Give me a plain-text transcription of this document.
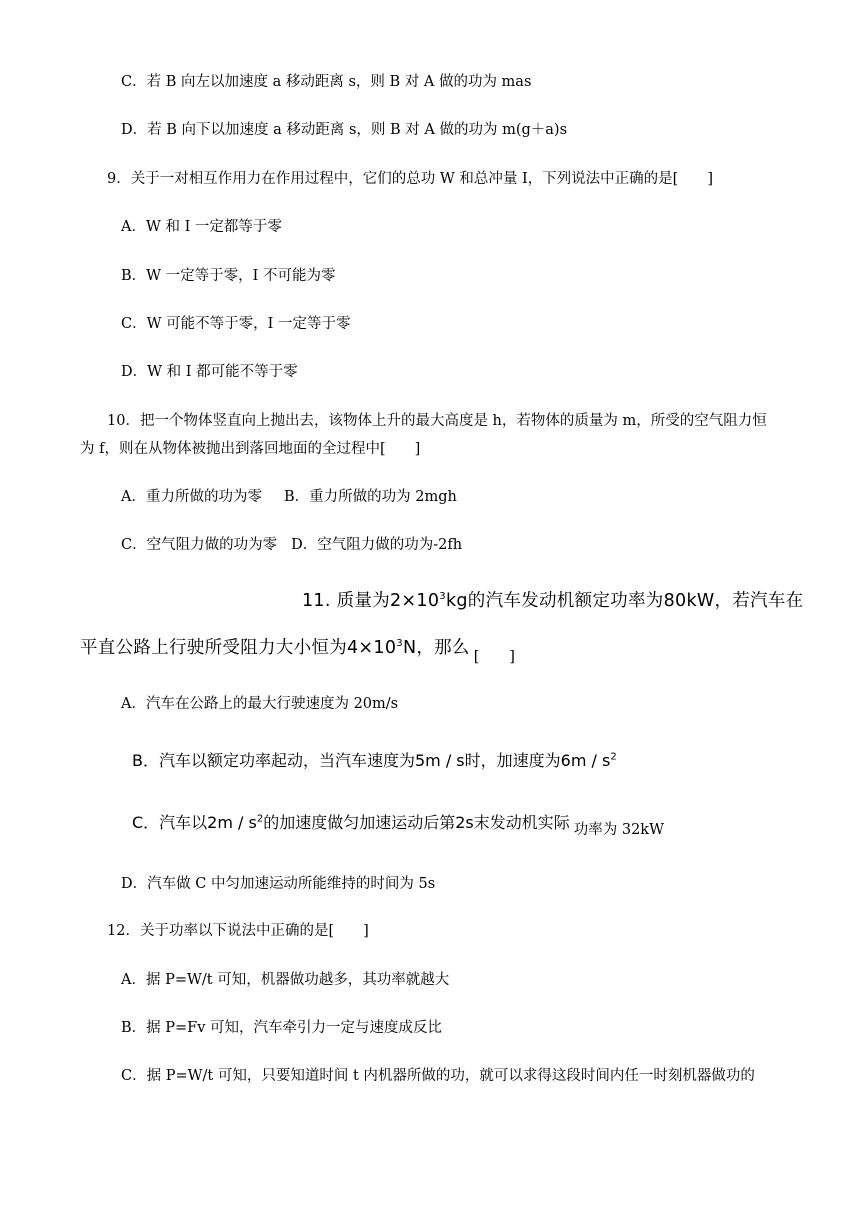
C．若 B 向左以加速度 a 移动距离 s，则 B 对 A 做的功为 mas
D．若 B 向下以加速度 a 移动距离 s，则 B 对 A 做的功为 m(g＋a)s
9．关于一对相互作用力在作用过程中，它们的总功 W 和总冲量 I，下列说法中正确的是[　　]
A．W 和 I 一定都等于零
B．W 一定等于零，I 不可能为零
C．W 可能不等于零，I 一定等于零
D．W 和 I 都可能不等于零
10．把一个物体竖直向上抛出去，该物体上升的最大高度是 h，若物体的质量为 m，所受的空气阻力恒
为 f，则在从物体被抛出到落回地面的全过程中[　　]
A．重力所做的功为零 B．重力所做的功为 2mgh
C．空气阻力做的功为零 D．空气阻力做的功为-2fh
11. 质量为$2\times 10^3kg$的汽车发动机额定功率为80kW，若汽车在
平直公路上行驶所受阻力大小恒为$4\times 10^3N$，那么 $_{[ ]}$
A．汽车在公路上的最大行驶速度为 20m/s
B．汽车以额定功率起动，当汽车速度为5m / s时，加速度为$6m / s^2$
C．汽车以$2m / s^2$的加速度做匀加速运动后第2s末发动机实际 功率为 32kW
D．汽车做 C 中匀加速运动所能维持的时间为 5s
12．关于功率以下说法中正确的是[　　]
A．据 P=W/t 可知，机器做功越多，其功率就越大
B．据 P=Fv 可知，汽车牵引力一定与速度成反比
C．据 P=W/t 可知，只要知道时间 t 内机器所做的功，就可以求得这段时间内任一时刻机器做功的
